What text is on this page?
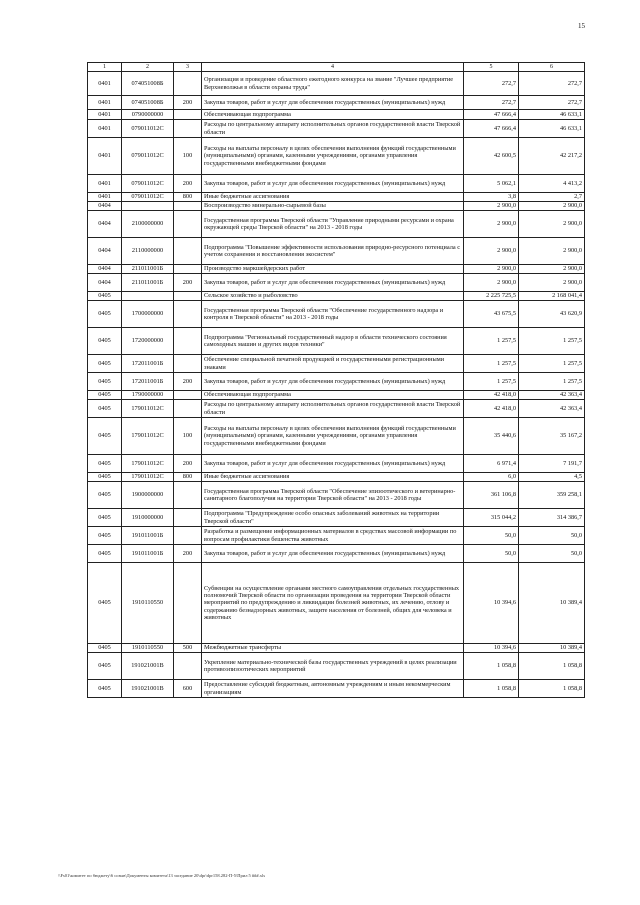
15
1	2	3	4	5	6
0401	074051008Б		Организация и проведение областного ежегодного конкурса на звание "Лучшее предприятие Верхневолжья в области охраны труда"	272,7	272,7
0401	074051008Б	200	Закупка товаров, работ и услуг для обеспечения государственных (муниципальных) нужд	272,7	272,7
0401	0790000000		Обеспечивающая подпрограмма	47 666,4	46 633,1
0401	079011012С		Расходы по центральному аппарату исполнительных органов государственной власти Тверской области	47 666,4	46 633,1
0401	079011012С	100	Расходы на выплаты персоналу в целях обеспечения выполнения функций государственными (муниципальными) органами, казенными учреждениями, органами управления государственными внебюджетными фондами	42 600,5	42 217,2
0401	079011012С	200	Закупка товаров, работ и услуг для обеспечения государственных (муниципальных) нужд	5 062,1	4 413,2
0401	079011012С	800	Иные бюджетные ассигнования	3,8	2,7
0404			Воспроизводство минерально-сырьевой базы	2 900,0	2 900,0
0404	2100000000		Государственная программа Тверской области "Управление природными ресурсами и охрана окружающей среды Тверской области" на 2013 - 2018 годы	2 900,0	2 900,0
0404	2110000000		Подпрограмма "Повышение эффективности использования природно-ресурсного потенциала с учетом сохранения и восстановления экосистем"	2 900,0	2 900,0
0404	211011001Б		Производство маркшейдерских работ	2 900,0	2 900,0
0404	211011001Б	200	Закупка товаров, работ и услуг для обеспечения государственных (муниципальных) нужд	2 900,0	2 900,0
0405			Сельское хозяйство и рыболовство	2 225 725,5	2 168 041,4
0405	1700000000		Государственная программа Тверской области "Обеспечение государственного надзора и контроля в Тверской области" на 2013 - 2018 годы	43 675,5	43 620,9
0405	1720000000		Подпрограмма "Региональный государственный надзор в области технического состояния самоходных машин и других видов техники"	1 257,5	1 257,5
0405	172011001Б		Обеспечение специальной печатной продукцией и государственными регистрационными знаками	1 257,5	1 257,5
0405	172011001Б	200	Закупка товаров, работ и услуг для обеспечения государственных (муниципальных) нужд	1 257,5	1 257,5
0405	1790000000		Обеспечивающая подпрограмма	42 418,0	42 363,4
0405	179011012С		Расходы по центральному аппарату исполнительных органов государственной власти Тверской области	42 418,0	42 363,4
0405	179011012С	100	Расходы на выплаты персоналу в целях обеспечения выполнения функций государственными (муниципальными) органами, казенными учреждениями, органами управления государственными внебюджетными фондами	35 440,6	35 167,2
0405	179011012С	200	Закупка товаров, работ и услуг для обеспечения государственных (муниципальных) нужд	6 971,4	7 191,7
0405	179011012С	800	Иные бюджетные ассигнования	6,0	4,5
0405	1900000000		Государственная программа Тверской области "Обеспечение эпизоотического и ветеринарно-санитарного благополучия на территории Тверской области" на 2013 - 2018 годы	361 106,8	359 258,1
0405	1910000000		Подпрограмма "Предупреждение особо опасных заболеваний животных на территории Тверской области"	315 044,2	314 386,7
0405	191011001Б		Разработка и размещение информационных материалов в средствах массовой информации по вопросам профилактики бешенства животных	50,0	50,0
0405	191011001Б	200	Закупка товаров, работ и услуг для обеспечения государственных (муниципальных) нужд	50,0	50,0
0405	1910110550		Субвенции на осуществление органами местного самоуправления отдельных государственных полномочий Тверской области по организации проведения на территории Тверской области мероприятий по предупреждению и ликвидации болезней животных, их лечению, отлову и содержанию безнадзорных животных, защите населения от болезней, общих для человека и животных	10 394,6	10 389,4
0405	1910110550	500	Межбюджетные трансферты	10 394,6	10 389,4
0405	191021001В		Укрепление материально-технической базы государственных учреждений в целях реализации противоэпизоотических мероприятий	1 058,8	1 058,8
0405	191021001В	600	Предоставление субсидий бюджетным, автономным учреждениям и иным некоммерческим организациям	1 058,8	1 058,8
\\Fs01\комитет по бюджету\6 созыв\Документы комитета\13 заседание 20\dpr\dpr158.282-П-5\Прил 5 ###.xls
